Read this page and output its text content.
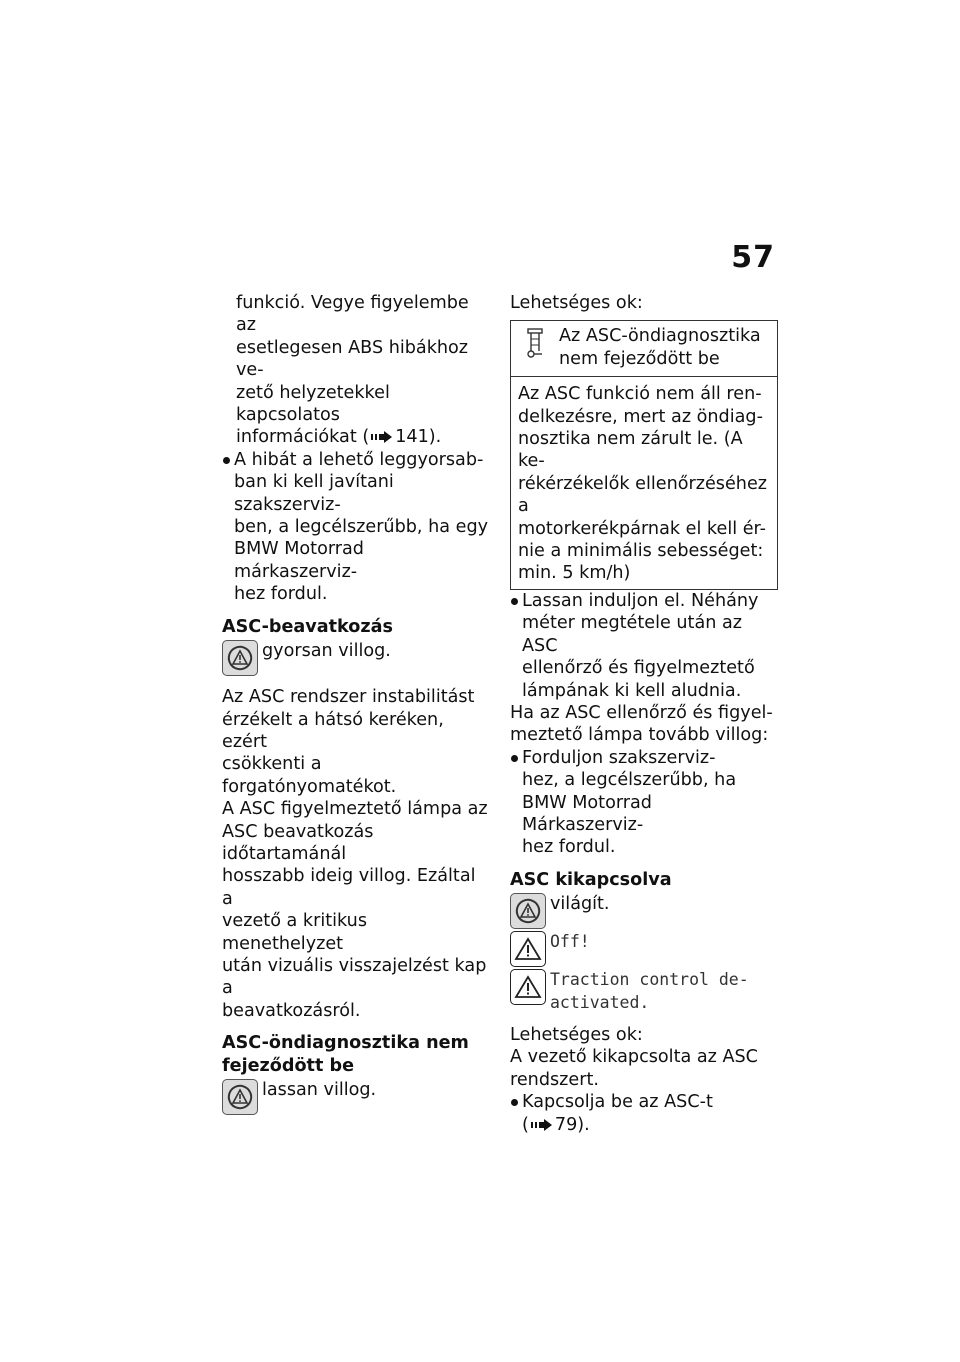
57

funkció. Vegye figyelembe az

esetlegesen ABS hibákhoz ve-

zető helyzetekkel kapcsolatos

információkat ( 141).

A hibát a lehető leggyorsab-

ban ki kell javítani szakszerviz-

ben, a legcélszerűbb, ha egy

BMW Motorrad márkaszerviz-

hez fordul.

ASC-beavatkozás

gyorsan villog.

Az ASC rendszer instabilitást

érzékelt a hátsó keréken, ezért

csökkenti a forgatónyomatékot.

A ASC figyelmeztető lámpa az

ASC beavatkozás időtartamánál

hosszabb ideig villog. Ezáltal a

vezető a kritikus menethelyzet

után vizuális visszajelzést kap a

beavatkozásról.

ASC-öndiagnosztika nem

fejeződött be

lassan villog.

Lehetséges ok:

Az ASC-öndiagnosztika

nem fejeződött be

Az ASC funkció nem áll ren-

delkezésre, mert az öndiag-

nosztika nem zárult le. (A ke-

rékérzékelők ellenőrzéséhez a

motorkerékpárnak el kell ér-

nie a minimális sebességet:

min. 5 km/h)

Lassan induljon el. Néhány

méter megtétele után az ASC

ellenőrző és figyelmeztető

lámpának ki kell aludnia.

Ha az ASC ellenőrző és figyel-

meztető lámpa tovább villog:

Forduljon szakszerviz-

hez, a legcélszerűbb, ha

BMW Motorrad Márkaszerviz-

hez fordul.

ASC kikapcsolva

világít.
Off!

Traction control de-

activated.

Lehetséges ok:

A vezető kikapcsolta az ASC

rendszert.

Kapcsolja be az ASC-t

( 79).
